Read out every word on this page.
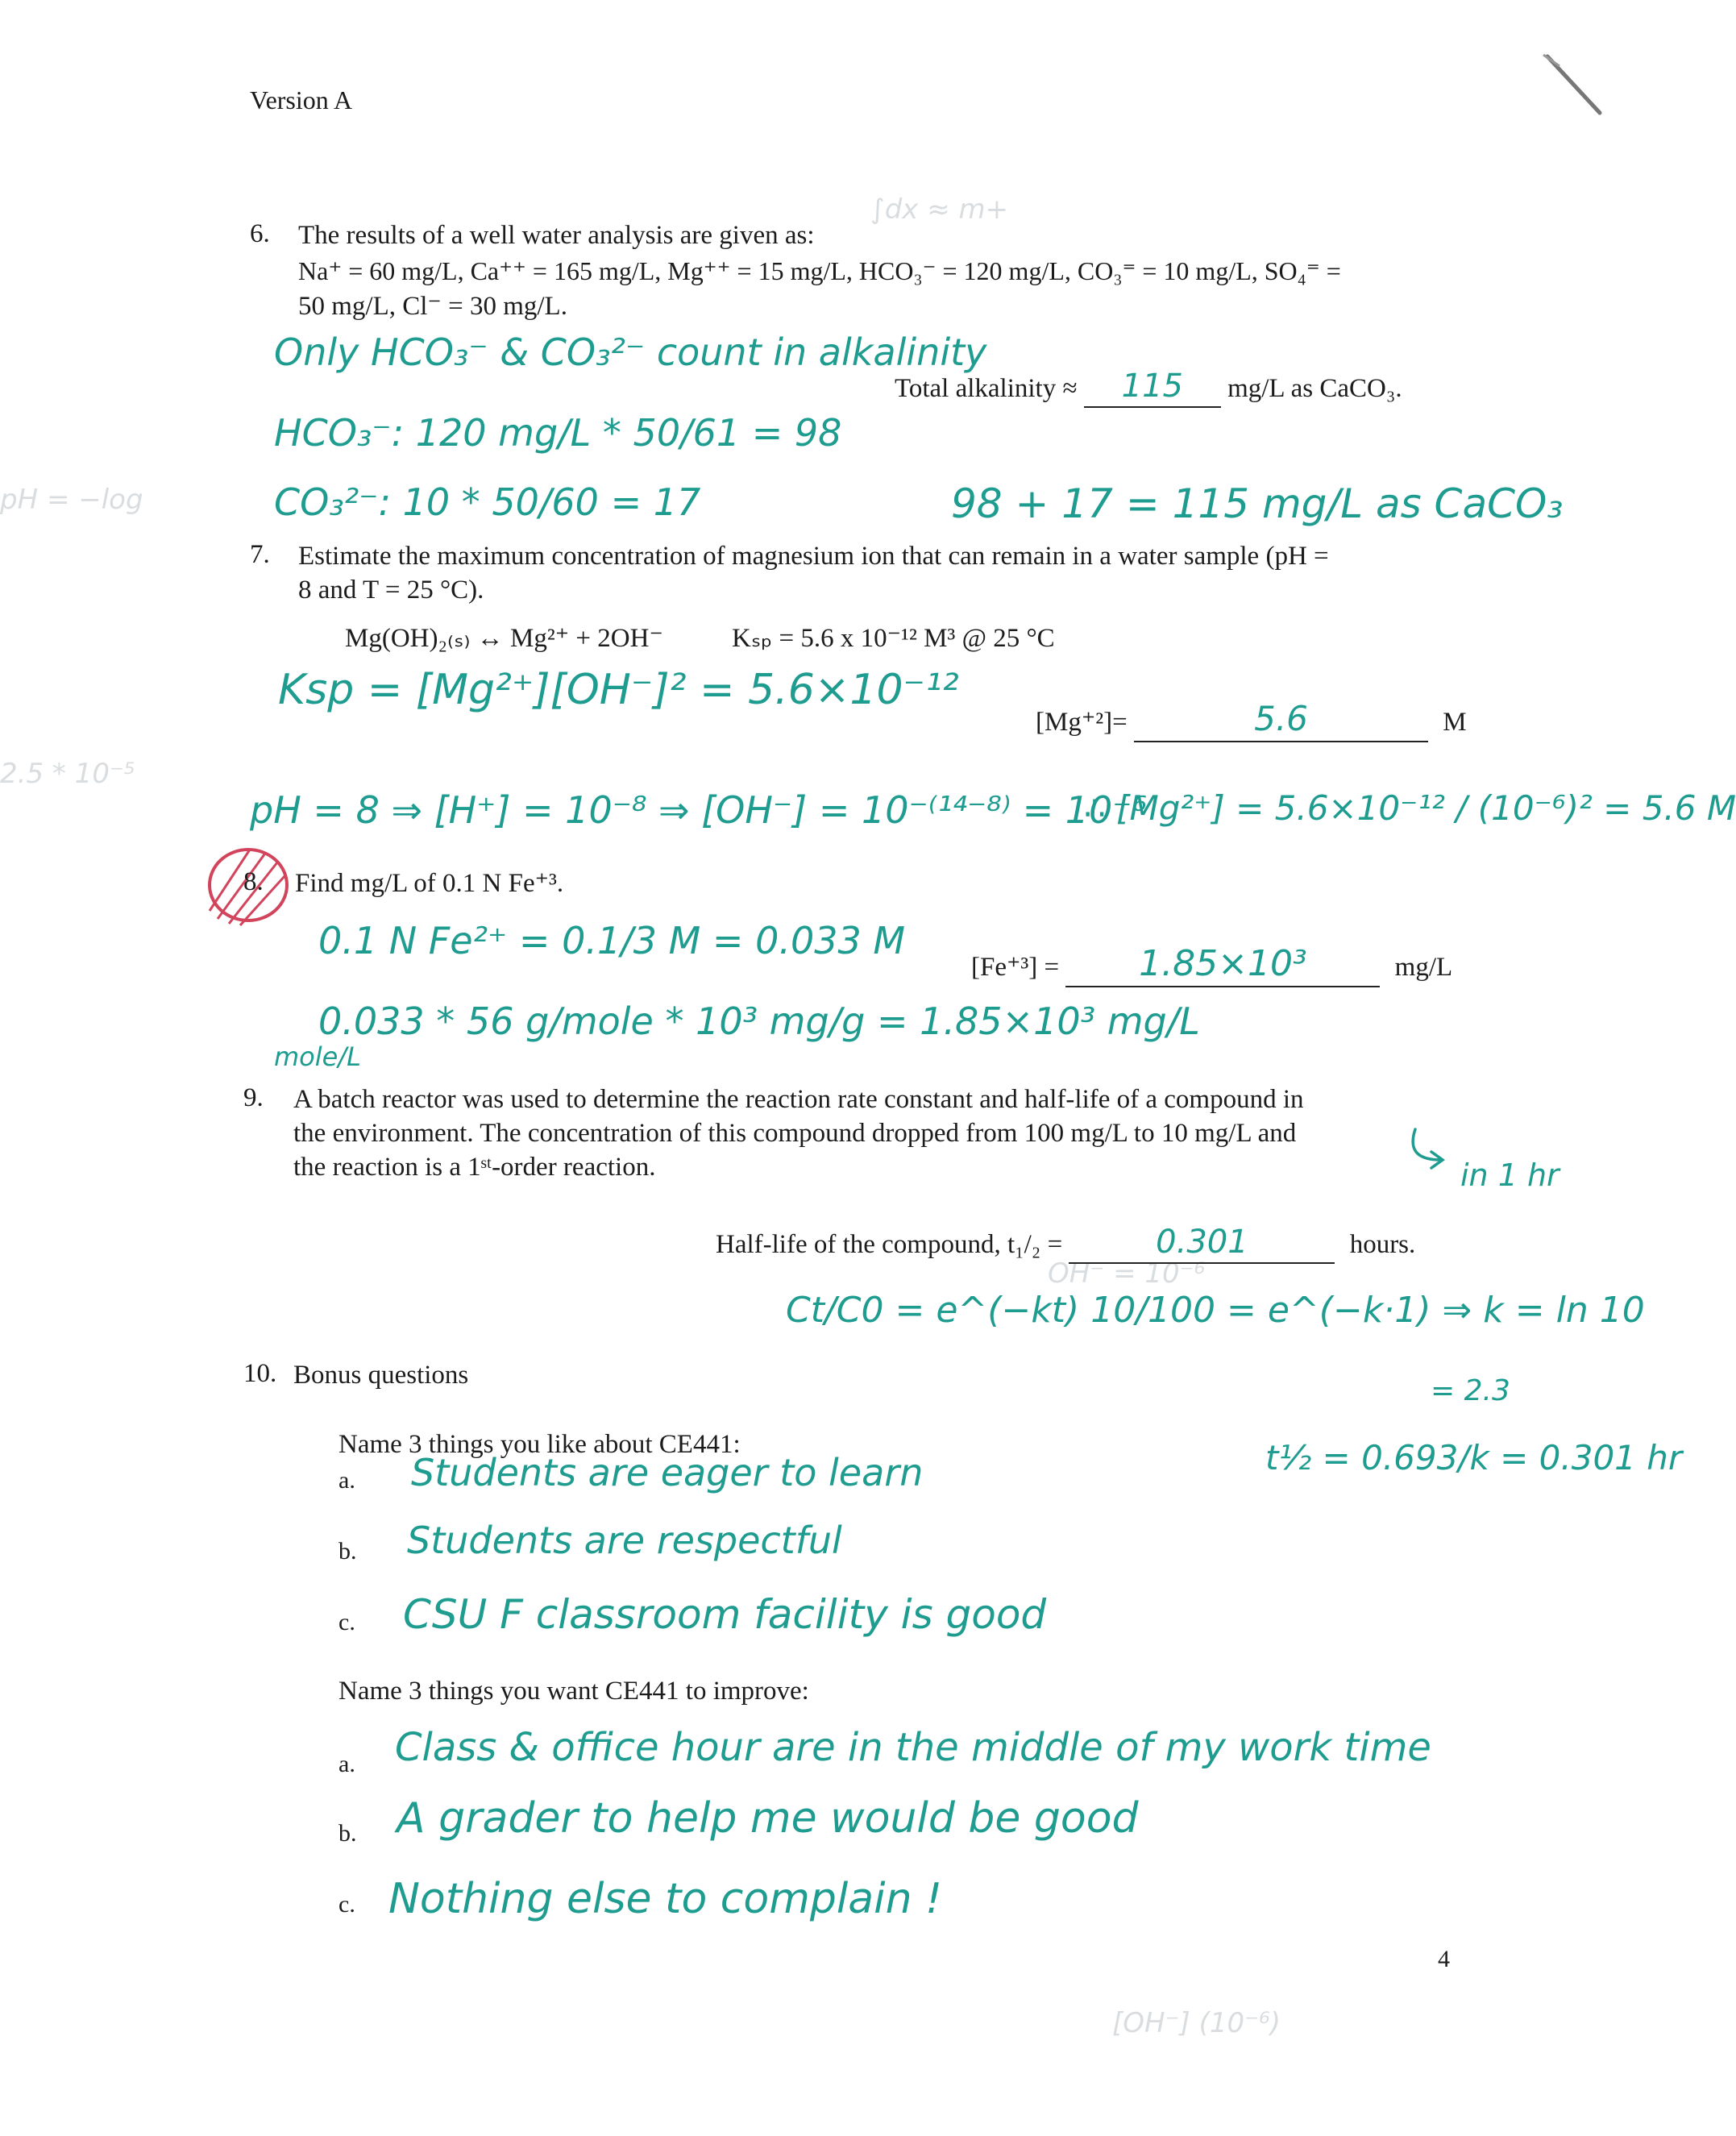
∫dx ≈ m+
pH = −log
2.5 * 10⁻⁵
OH⁻ = 10⁻⁶
[OH⁻] (10⁻⁶)
Version A
6. The results of a well water analysis are given as:
Na⁺ = 60 mg/L, Ca⁺⁺ = 165 mg/L, Mg⁺⁺ = 15 mg/L, HCO₃⁻ = 120 mg/L, CO₃⁼ = 10 mg/L, SO₄⁼ =
50 mg/L, Cl⁻ = 30 mg/L.
Only HCO₃⁻ & CO₃²⁻ count in alkalinity
Total alkalinity ≈ 115 mg/L as CaCO₃.
HCO₃⁻: 120 mg/L * 50/61 = 98
CO₃²⁻: 10 * 50/60 = 17	98 + 17 = 115 mg/L as CaCO₃
7. Estimate the maximum concentration of magnesium ion that can remain in a water sample (pH =
8 and T = 25 °C).
Mg(OH)₂₍ₛ₎ ↔ Mg²⁺ + 2OH⁻	Kₛₚ = 5.6 x 10⁻¹² M³ @ 25 °C
Ksp = [Mg²⁺][OH⁻]² = 5.6×10⁻¹²
[Mg⁺²]=	5.6	M
pH = 8 ⇒ [H⁺] = 10⁻⁸ ⇒ [OH⁻] = 10⁻⁽¹⁴⁻⁸⁾ = 10⁻⁶
∴ [Mg²⁺] = 5.6×10⁻¹² / (10⁻⁶)² = 5.6 M
8. Find mg/L of 0.1 N Fe⁺³.
0.1 N Fe²⁺ = 0.1/3 M = 0.033 M
[Fe⁺³] = 1.85×10³	mg/L
0.033 * 56 g/mole * 10³ mg/g = 1.85×10³ mg/L
mole/L
9. A batch reactor was used to determine the reaction rate constant and half-life of a compound in
the environment. The concentration of this compound dropped from 100 mg/L to 10 mg/L and
the reaction is a 1ˢᵗ-order reaction.	in 1 hr
Half-life of the compound, t₁/₂ =	0.301	hours.
Ct/C0 = e^(−kt) 10/100 = e^(−k·1) ⇒ k = ln 10
= 2.3
t½ = 0.693/k = 0.301 hr
10. Bonus questions
Name 3 things you like about CE441:
a. Students are eager to learn
b. Students are respectful
c. CSU F classroom facility is good
Name 3 things you want CE441 to improve:
a. Class & office hour are in the middle of my work time
b. A grader to help me would be good
c. Nothing else to complain !
4
